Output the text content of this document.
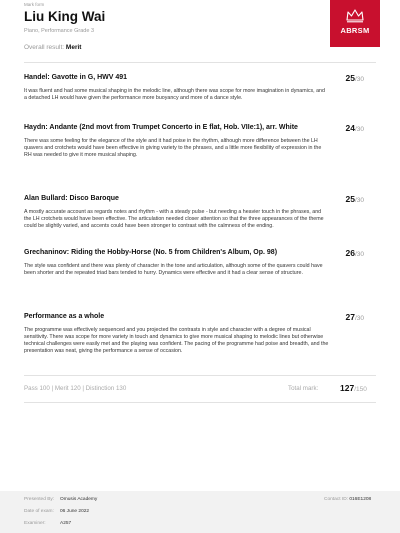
Mark form
Liu King Wai
Piano, Performance Grade 3
Overall result: Merit
ABRSM
Handel: Gavotte in G, HWV 491	25/30
It was fluent and had some musical shaping in the melodic line, although there was scope for more imagination in dynamics, and a detached LH would have given the performance more buoyancy and more of a dance style.
Haydn: Andante (2nd movt from Trumpet Concerto in E flat, Hob. VIIe:1), arr. White	24/30
There was some feeling for the elegance of the style and it had poise in the rhythm, although more difference between the LH quavers and crotchets would have been effective in giving variety to the phrases, and a little more flexibility of expression in the RH was needed to give it more musical shaping.
Alan Bullard: Disco Baroque	25/30
A mostly accurate account as regards notes and rhythm - with a steady pulse - but needing a heavier touch in the phrases, and the LH crotchets would have been effective. The articulation needed closer attention so that the three appearances of the theme could be slightly varied, and accents could have been stronger to contrast with the calmness of the ending.
Grechaninov: Riding the Hobby-Horse (No. 5 from Children's Album, Op. 98)	26/30
The style was confident and there was plenty of character in the tone and articulation, although some of the quavers could have been shorter and the repeated triad bars tended to hurry. Dynamics were effective and it had a clear sense of structure.
Performance as a whole	27/30
The programme was effectively sequenced and you projected the contrasts in style and character with a degree of musical sensitivity. There was scope for more variety in touch and dynamics to give more musical shaping to melodic lines but otherwise technical challenges were easily met and the playing was confident. The pacing of the programme had poise and breadth, and the presentation was neat, giving the performance a sense of occasion.
Pass 100 | Merit 120 | Distinction 130	Total mark:	127/150
Presented By: Omusis Academy
Date of exam: 06 June 2022
Examiner:	A257
Contact ID: 016E1208
